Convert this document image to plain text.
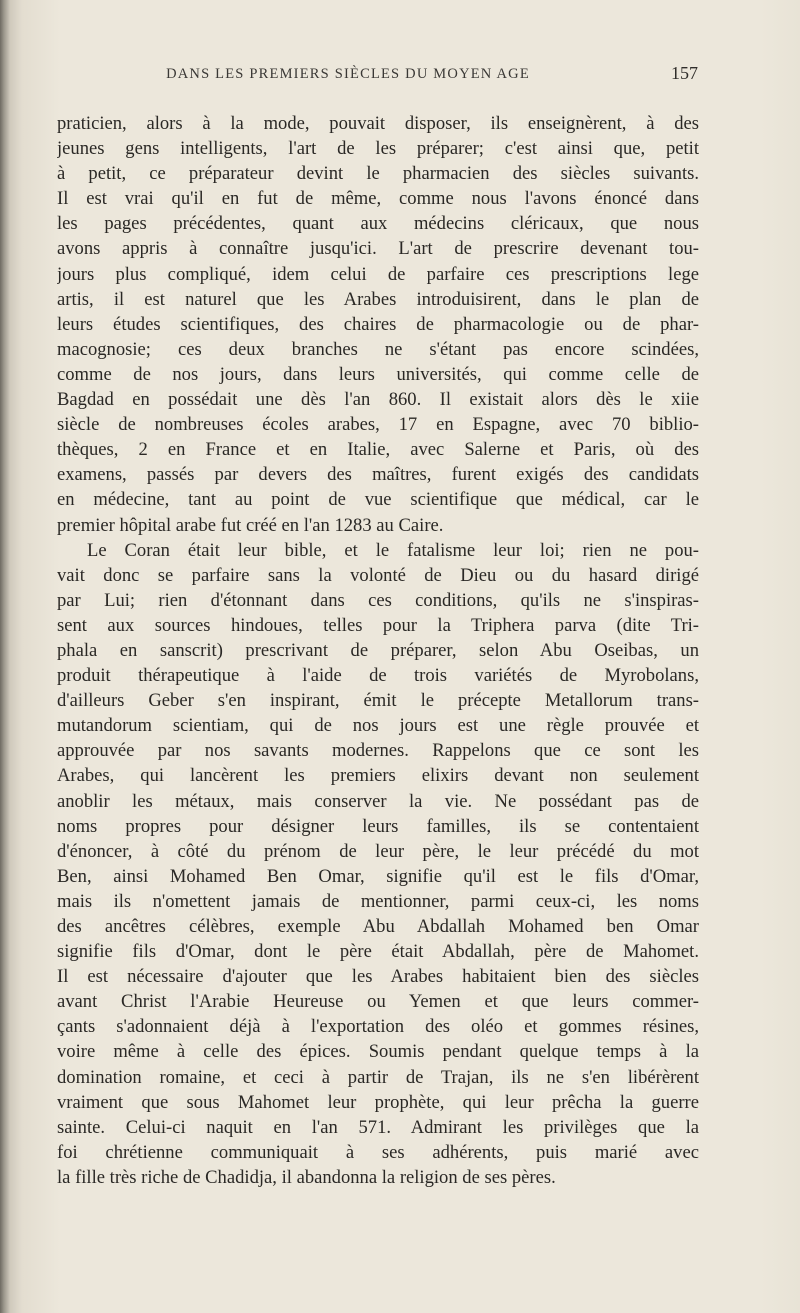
DANS LES PREMIERS SIÈCLES DU MOYEN AGE	157
praticien, alors à la mode, pouvait disposer, ils enseignèrent, à des
jeunes gens intelligents, l'art de les préparer; c'est ainsi que, petit
à petit, ce préparateur devint le pharmacien des siècles suivants.
Il est vrai qu'il en fut de même, comme nous l'avons énoncé dans
les pages précédentes, quant aux médecins cléricaux, que nous
avons appris à connaître jusqu'ici. L'art de prescrire devenant tou-
jours plus compliqué, idem celui de parfaire ces prescriptions lege
artis, il est naturel que les Arabes introduisirent, dans le plan de
leurs études scientifiques, des chaires de pharmacologie ou de phar-
macognosie; ces deux branches ne s'étant pas encore scindées,
comme de nos jours, dans leurs universités, qui comme celle de
Bagdad en possédait une dès l'an 860. Il existait alors dès le xiie
siècle de nombreuses écoles arabes, 17 en Espagne, avec 70 biblio-
thèques, 2 en France et en Italie, avec Salerne et Paris, où des
examens, passés par devers des maîtres, furent exigés des candidats
en médecine, tant au point de vue scientifique que médical, car le
premier hôpital arabe fut créé en l'an 1283 au Caire.
Le Coran était leur bible, et le fatalisme leur loi; rien ne pou-
vait donc se parfaire sans la volonté de Dieu ou du hasard dirigé
par Lui; rien d'étonnant dans ces conditions, qu'ils ne s'inspiras-
sent aux sources hindoues, telles pour la Triphera parva (dite Tri-
phala en sanscrit) prescrivant de préparer, selon Abu Oseibas, un
produit thérapeutique à l'aide de trois variétés de Myrobolans,
d'ailleurs Geber s'en inspirant, émit le précepte Metallorum trans-
mutandorum scientiam, qui de nos jours est une règle prouvée et
approuvée par nos savants modernes. Rappelons que ce sont les
Arabes, qui lancèrent les premiers elixirs devant non seulement
anoblir les métaux, mais conserver la vie. Ne possédant pas de
noms propres pour désigner leurs familles, ils se contentaient
d'énoncer, à côté du prénom de leur père, le leur précédé du mot
Ben, ainsi Mohamed Ben Omar, signifie qu'il est le fils d'Omar,
mais ils n'omettent jamais de mentionner, parmi ceux-ci, les noms
des ancêtres célèbres, exemple Abu Abdallah Mohamed ben Omar
signifie fils d'Omar, dont le père était Abdallah, père de Mahomet.
Il est nécessaire d'ajouter que les Arabes habitaient bien des siècles
avant Christ l'Arabie Heureuse ou Yemen et que leurs commer-
çants s'adonnaient déjà à l'exportation des oléo et gommes résines,
voire même à celle des épices. Soumis pendant quelque temps à la
domination romaine, et ceci à partir de Trajan, ils ne s'en libérèrent
vraiment que sous Mahomet leur prophète, qui leur prêcha la guerre
sainte. Celui-ci naquit en l'an 571. Admirant les privilèges que la
foi chrétienne communiquait à ses adhérents, puis marié avec
la fille très riche de Chadidja, il abandonna la religion de ses pères.
